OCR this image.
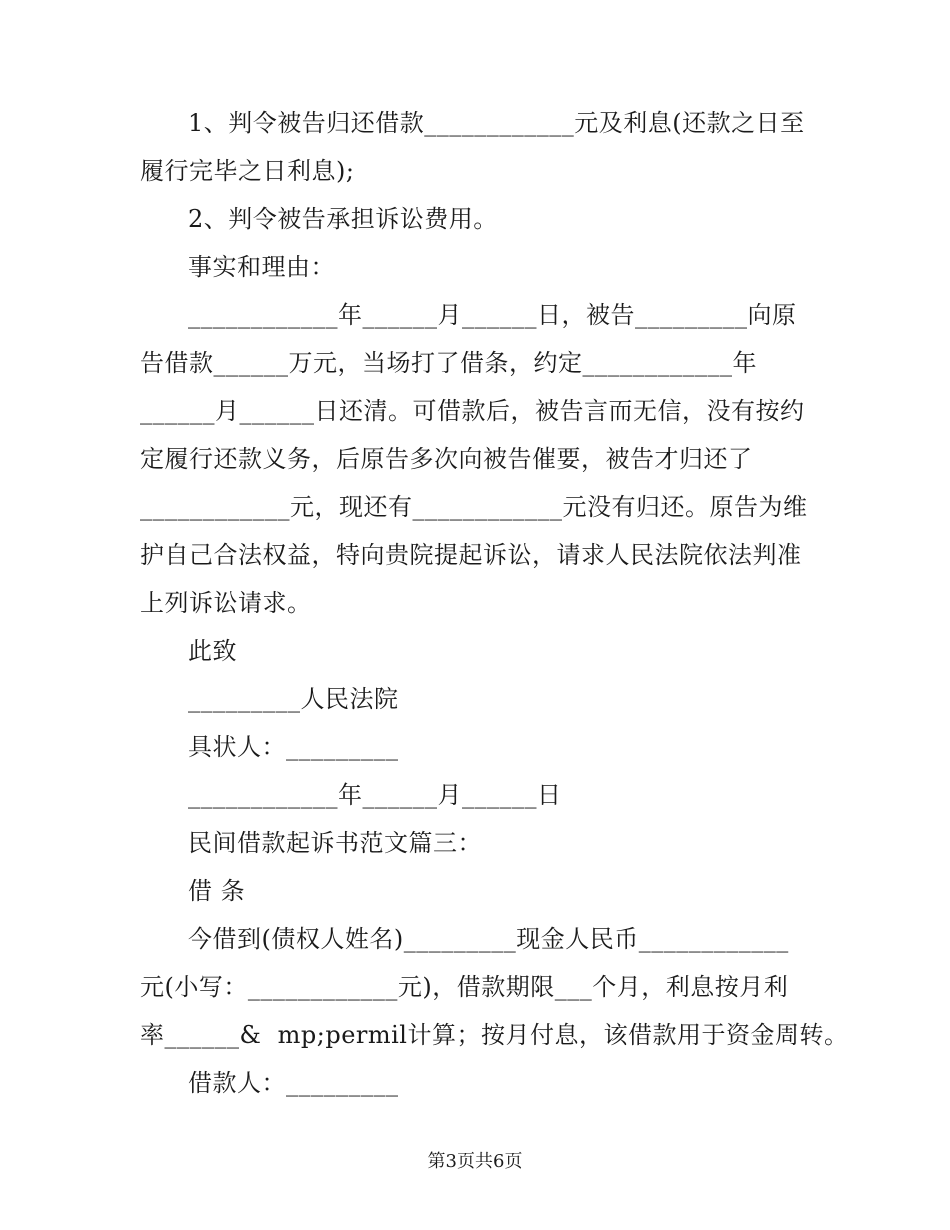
1、判令被告归还借款____________元及利息(还款之日至
履行完毕之日利息);
2、判令被告承担诉讼费用。
事实和理由：
____________年______月______日，被告_________向原
告借款______万元，当场打了借条，约定____________年
______月______日还清。可借款后，被告言而无信，没有按约
定履行还款义务，后原告多次向被告催要，被告才归还了
____________元，现还有____________元没有归还。原告为维
护自己合法权益，特向贵院提起诉讼，请求人民法院依法判准
上列诉讼请求。
此致
_________人民法院
具状人：_________
____________年______月______日
民间借款起诉书范文篇三：
借 条
今借到(债权人姓名)_________现金人民币____________
元(小写：____________元)，借款期限___个月，利息按月利
率______&  mp;permil计算；按月付息，该借款用于资金周转。
借款人：_________
第3页共6页
